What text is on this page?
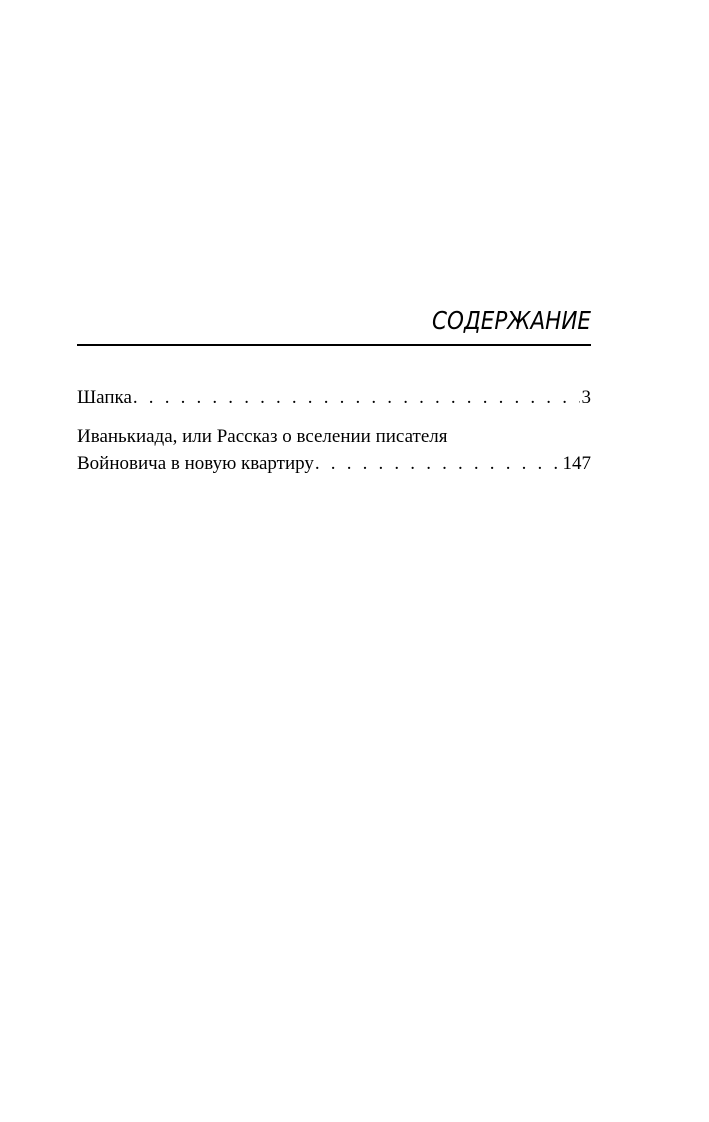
СОДЕРЖАНИЕ
Шапка . . .	3
Иванькиада, или Рассказ о вселении писателя
Войновича в новую квартиру . . .	147
